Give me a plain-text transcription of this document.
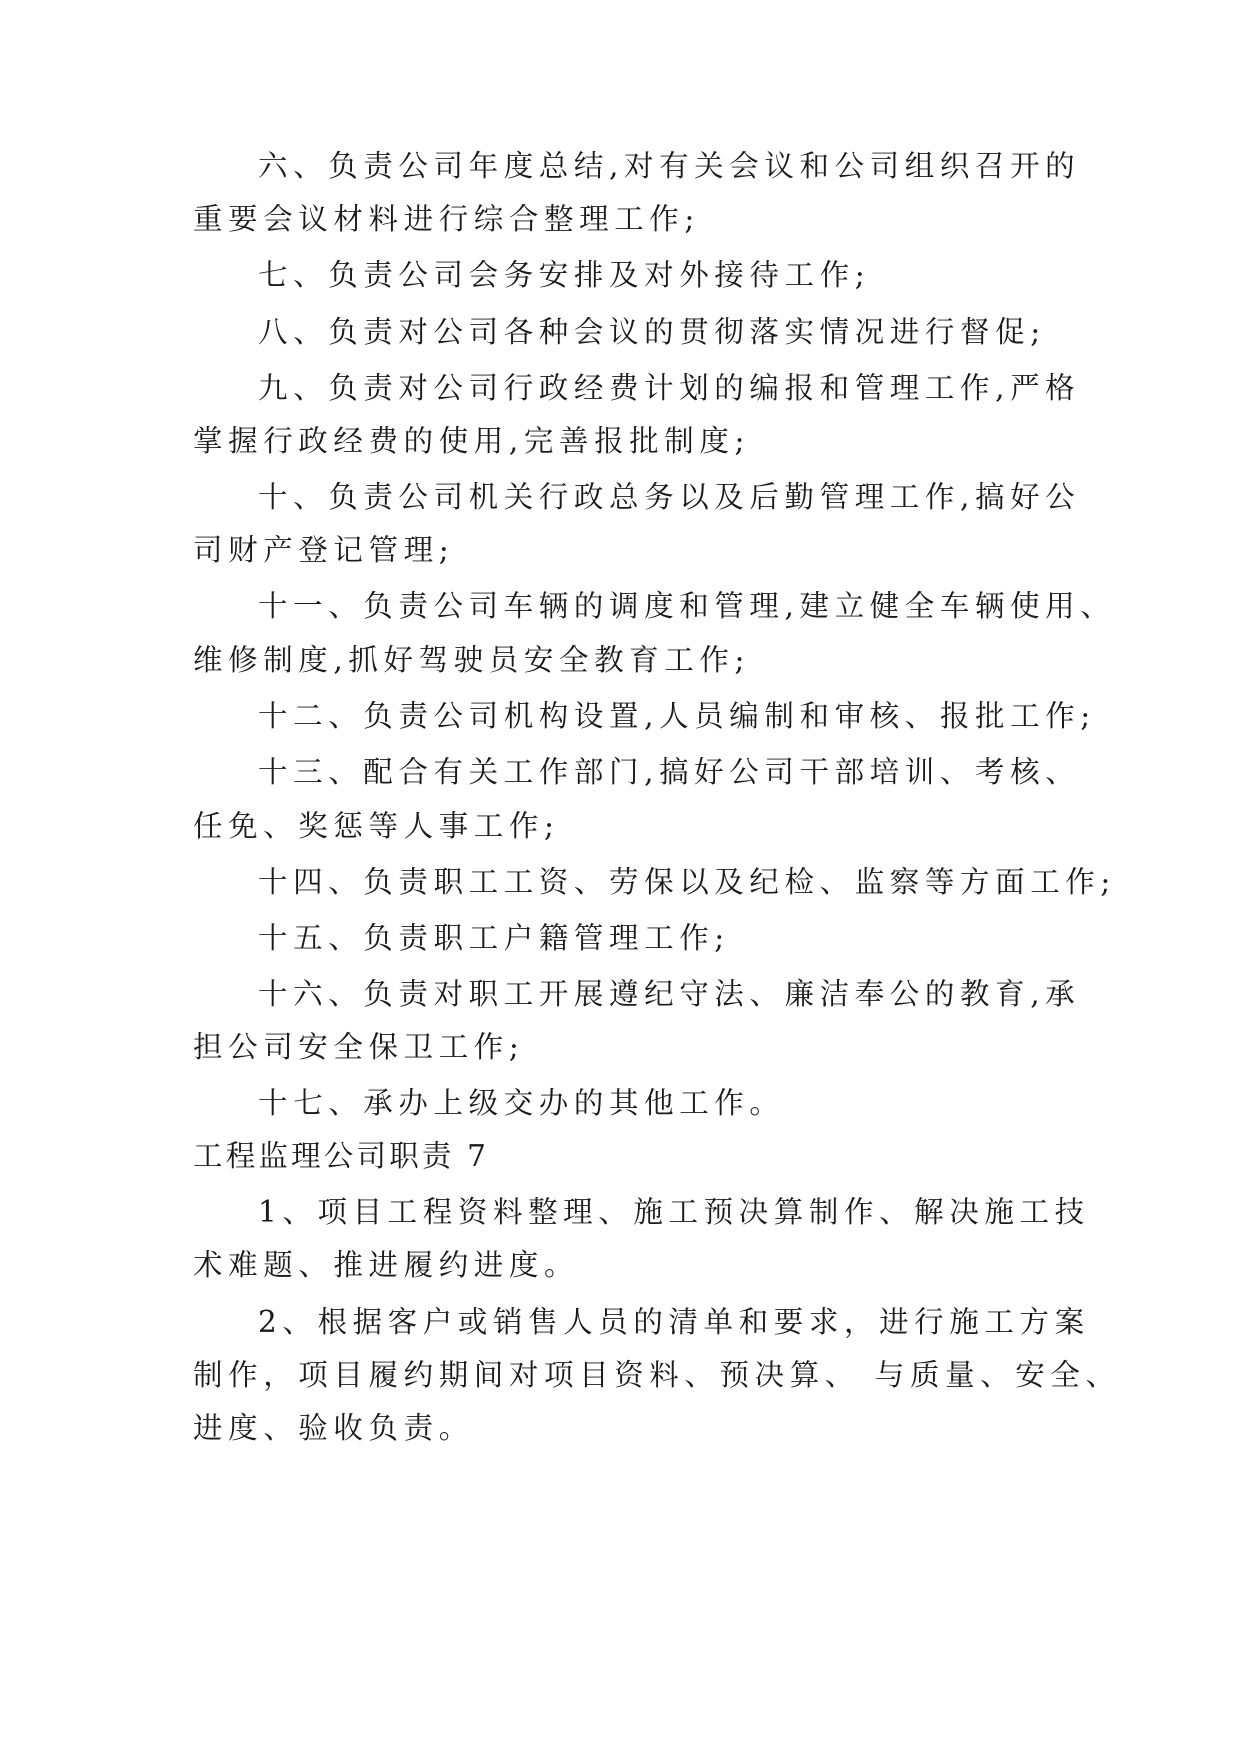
六、负责公司年度总结,对有关会议和公司组织召开的
重要会议材料进行综合整理工作;
七、负责公司会务安排及对外接待工作;
八、负责对公司各种会议的贯彻落实情况进行督促;
九、负责对公司行政经费计划的编报和管理工作,严格
掌握行政经费的使用,完善报批制度;
十、负责公司机关行政总务以及后勤管理工作,搞好公
司财产登记管理;
十一、负责公司车辆的调度和管理,建立健全车辆使用、
维修制度,抓好驾驶员安全教育工作;
十二、负责公司机构设置,人员编制和审核、报批工作;
十三、配合有关工作部门,搞好公司干部培训、考核、
任免、奖惩等人事工作;
十四、负责职工工资、劳保以及纪检、监察等方面工作;
十五、负责职工户籍管理工作;
十六、负责对职工开展遵纪守法、廉洁奉公的教育,承
担公司安全保卫工作;
十七、承办上级交办的其他工作。
工程监理公司职责 7
1、项目工程资料整理、施工预决算制作、解决施工技
术难题、推进履约进度。
2、根据客户或销售人员的清单和要求，进行施工方案
制作，项目履约期间对项目资料、预决算、 与质量、安全、
进度、验收负责。
